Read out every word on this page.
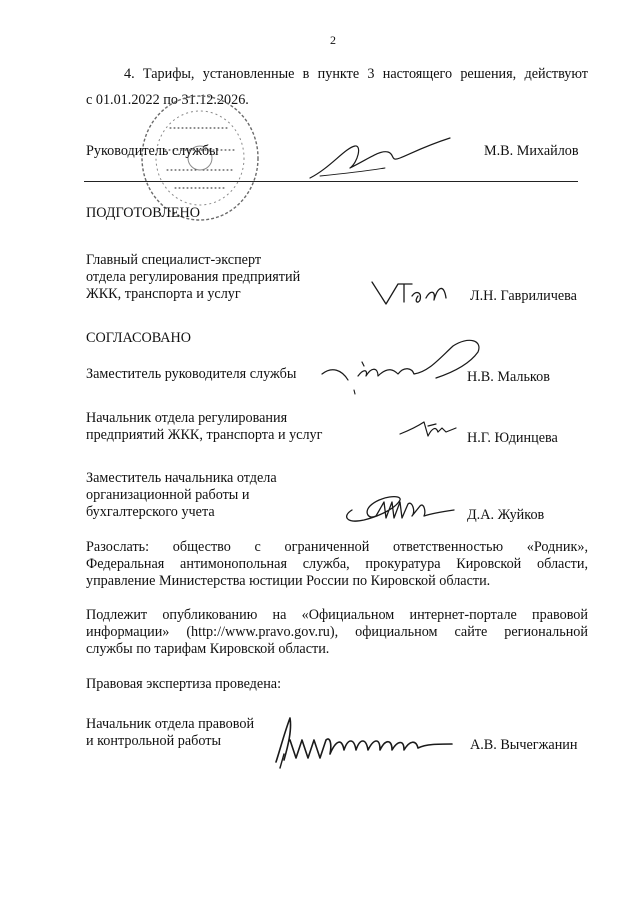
2
4. Тарифы, установленные в пункте 3 настоящего решения, действуют
с 01.01.2022 по 31.12.2026.
Руководитель службы	М.В. Михайлов
ПОДГОТОВЛЕНО
Главный специалист-эксперт
отдела регулирования предприятий
ЖКК, транспорта и услуг	Л.Н. Гавриличева
СОГЛАСОВАНО
Заместитель руководителя службы	Н.В. Мальков
Начальник отдела регулирования
предприятий ЖКК, транспорта и услуг	Н.Г. Юдинцева
Заместитель начальника отдела
организационной работы и
бухгалтерского учета	Д.А. Жуйков
Разослать: общество с ограниченной ответственностью «Родник»,
Федеральная антимонопольная служба, прокуратура Кировской области,
управление Министерства юстиции России по Кировской области.
Подлежит опубликованию на «Официальном интернет-портале правовой
информации» (http://www.pravo.gov.ru), официальном сайте региональной
службы по тарифам Кировской области.
Правовая экспертиза проведена:
Начальник отдела правовой
и контрольной работы	А.В. Вычегжанин
